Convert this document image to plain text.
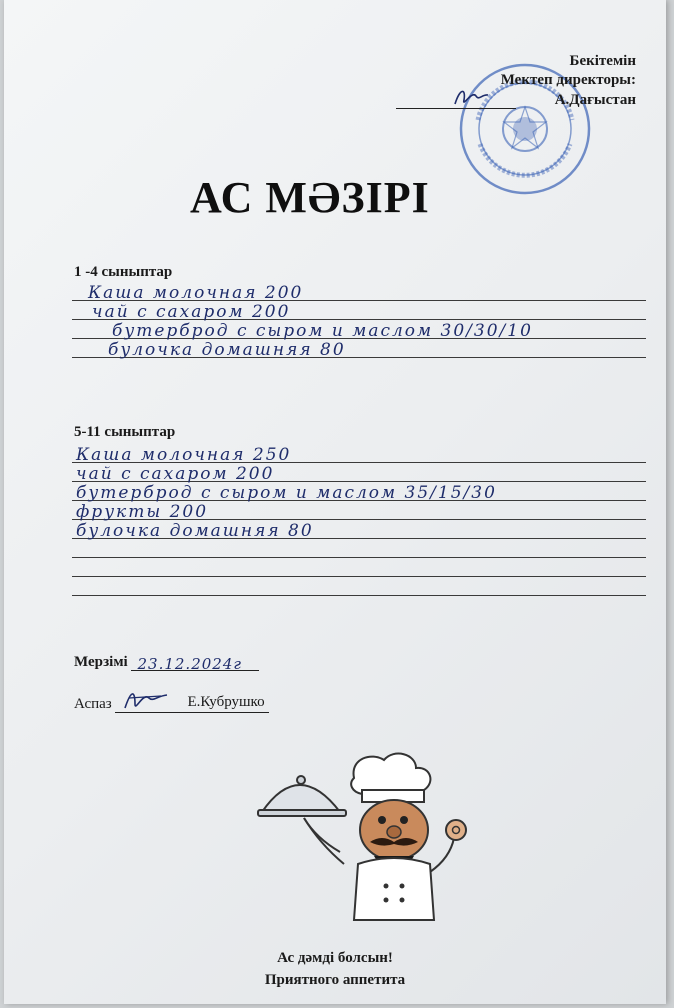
Бекітемін
Мектеп директоры:
А.Дағыстан
АС МӘЗІРІ
1 -4 сыныптар
Каша молочная 200
чай с сахаром 200
бутерброд с сыром и маслом 30/30/10
булочка домашняя 80
5-11 сыныптар
Каша молочная 250
чай с сахаром 200
бутерброд с сыром и маслом 35/15/30
фрукты 200
булочка домашняя 80
Мерзімі 23.12.2024г
Аспаз	Е.Кубрушко
Ас дәмді болсын!
Приятного аппетита
